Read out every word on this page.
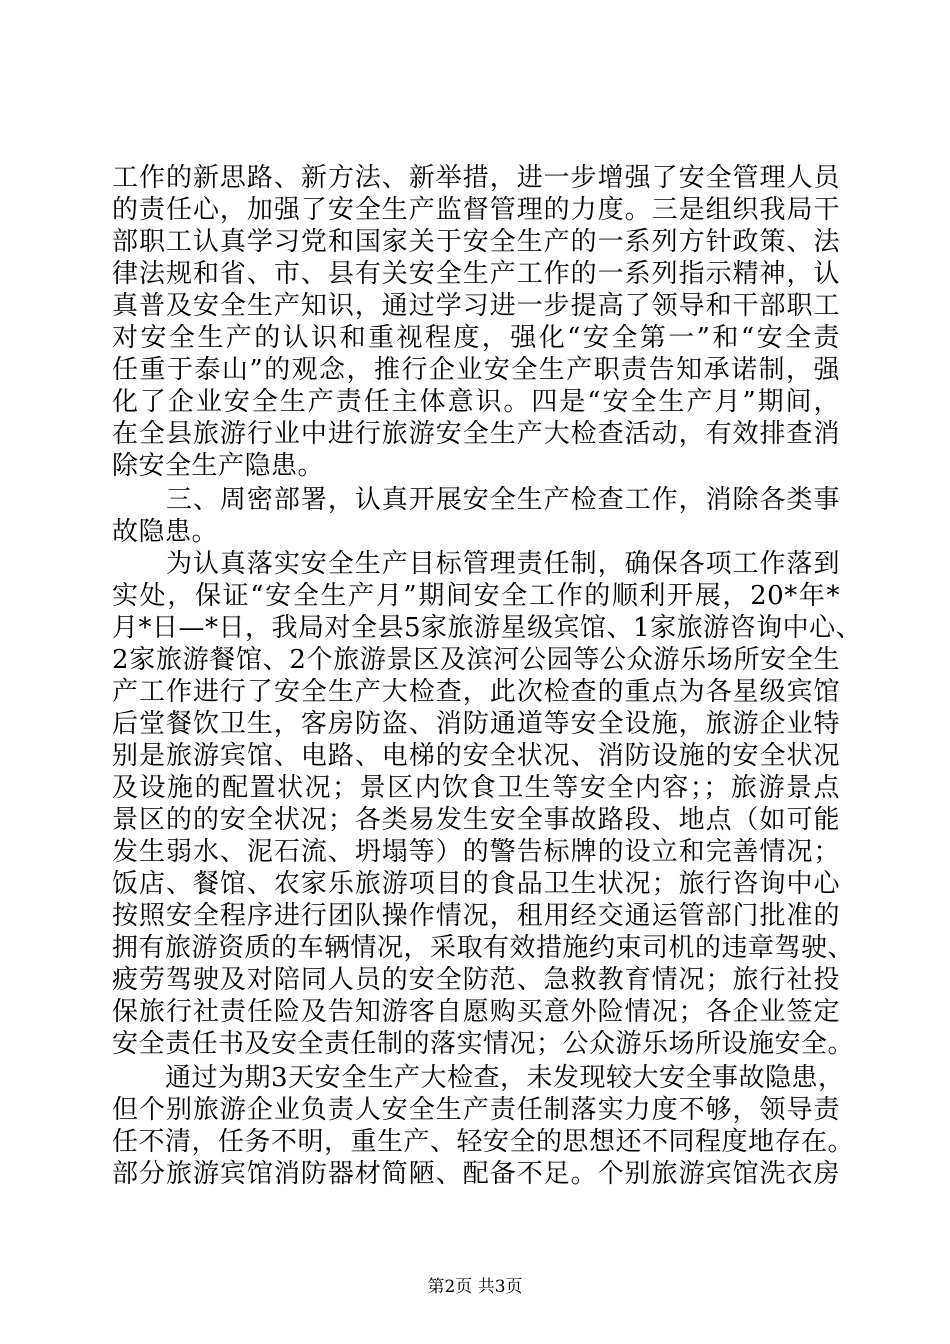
工作的新思路、新方法、新举措，进一步增强了安全管理人员
的责任心，加强了安全生产监督管理的力度。三是组织我局干
部职工认真学习党和国家关于安全生产的一系列方针政策、法
律法规和省、市、县有关安全生产工作的一系列指示精神，认
真普及安全生产知识，通过学习进一步提高了领导和干部职工
对安全生产的认识和重视程度，强化“安全第一”和“安全责
任重于泰山”的观念，推行企业安全生产职责告知承诺制，强
化了企业安全生产责任主体意识。四是“安全生产月”期间，
在全县旅游行业中进行旅游安全生产大检查活动，有效排查消
除安全生产隐患。
　　三、周密部署，认真开展安全生产检查工作，消除各类事
故隐患。
　　为认真落实安全生产目标管理责任制，确保各项工作落到
实处，保证“安全生产月”期间安全工作的顺利开展，20*年*
月*日—*日，我局对全县5家旅游星级宾馆、1家旅游咨询中心、
2家旅游餐馆、2个旅游景区及滨河公园等公众游乐场所安全生
产工作进行了安全生产大检查，此次检查的重点为各星级宾馆
后堂餐饮卫生，客房防盗、消防通道等安全设施，旅游企业特
别是旅游宾馆、电路、电梯的安全状况、消防设施的安全状况
及设施的配置状况；景区内饮食卫生等安全内容；；旅游景点
景区的的安全状况；各类易发生安全事故路段、地点（如可能
发生弱水、泥石流、坍塌等）的警告标牌的设立和完善情况；
饭店、餐馆、农家乐旅游项目的食品卫生状况；旅行咨询中心
按照安全程序进行团队操作情况，租用经交通运管部门批准的
拥有旅游资质的车辆情况，采取有效措施约束司机的违章驾驶、
疲劳驾驶及对陪同人员的安全防范、急救教育情况；旅行社投
保旅行社责任险及告知游客自愿购买意外险情况；各企业签定
安全责任书及安全责任制的落实情况；公众游乐场所设施安全。
　　通过为期3天安全生产大检查，未发现较大安全事故隐患，
但个别旅游企业负责人安全生产责任制落实力度不够，领导责
任不清，任务不明，重生产、轻安全的思想还不同程度地存在。
部分旅游宾馆消防器材简陋、配备不足。个别旅游宾馆洗衣房
第2页 共3页
